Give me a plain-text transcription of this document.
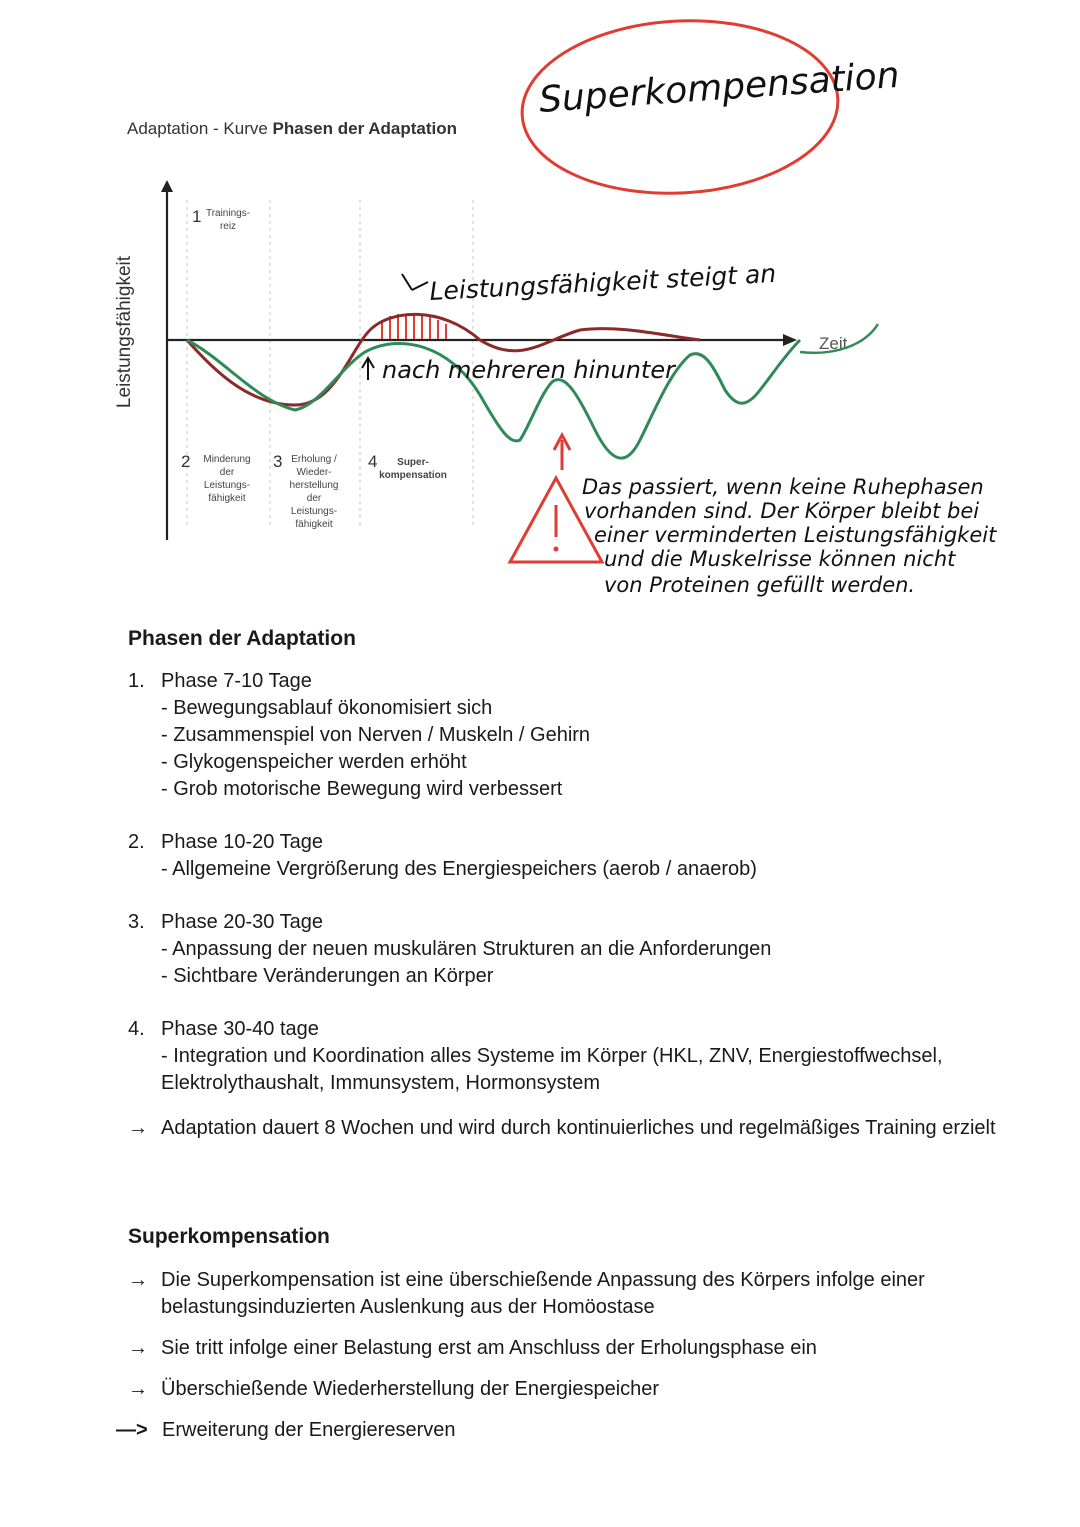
Adaptation - Kurve Phasen der Adaptation
Superkompensation
Leistungsfähigkeit	Zeit
1 Trainings-
reiz
2 Minderung
der
Leistungs-
fähigkeit
3 Erholung /
Wieder-
herstellung
der
Leistungs-
fähigkeit
4 Super-
kompensation
Leistungsfähigkeit steigt an
nach mehreren hinunter
Das passiert, wenn keine Ruhephasen
vorhanden sind. Der Körper bleibt bei
einer verminderten Leistungsfähigkeit
und die Muskelrisse können nicht
von Proteinen gefüllt werden.
Phasen der Adaptation
1. Phase 7-10 Tage
- Bewegungsablauf ökonomisiert sich
- Zusammenspiel von Nerven / Muskeln / Gehirn
- Glykogenspeicher werden erhöht
- Grob motorische Bewegung wird verbessert
2. Phase 10-20 Tage
- Allgemeine Vergrößerung des Energiespeichers (aerob / anaerob)
3. Phase 20-30 Tage
- Anpassung der neuen muskulären Strukturen an die Anforderungen
- Sichtbare Veränderungen an Körper
4. Phase 30-40 tage
- Integration und Koordination alles Systeme im Körper (HKL, ZNV, Energiestoffwechsel, Elektrolythaushalt, Immunsystem, Hormonsystem
→ Adaptation dauert 8 Wochen und wird durch kontinuierliches und regelmäßiges Training erzielt
Superkompensation
→ Die Superkompensation ist eine überschießende Anpassung des Körpers infolge einer belastungsinduzierten Auslenkung aus der Homöostase
→ Sie tritt infolge einer Belastung erst am Anschluss der Erholungsphase ein
→ Überschießende Wiederherstellung der Energiespeicher
—> Erweiterung der Energiereserven
